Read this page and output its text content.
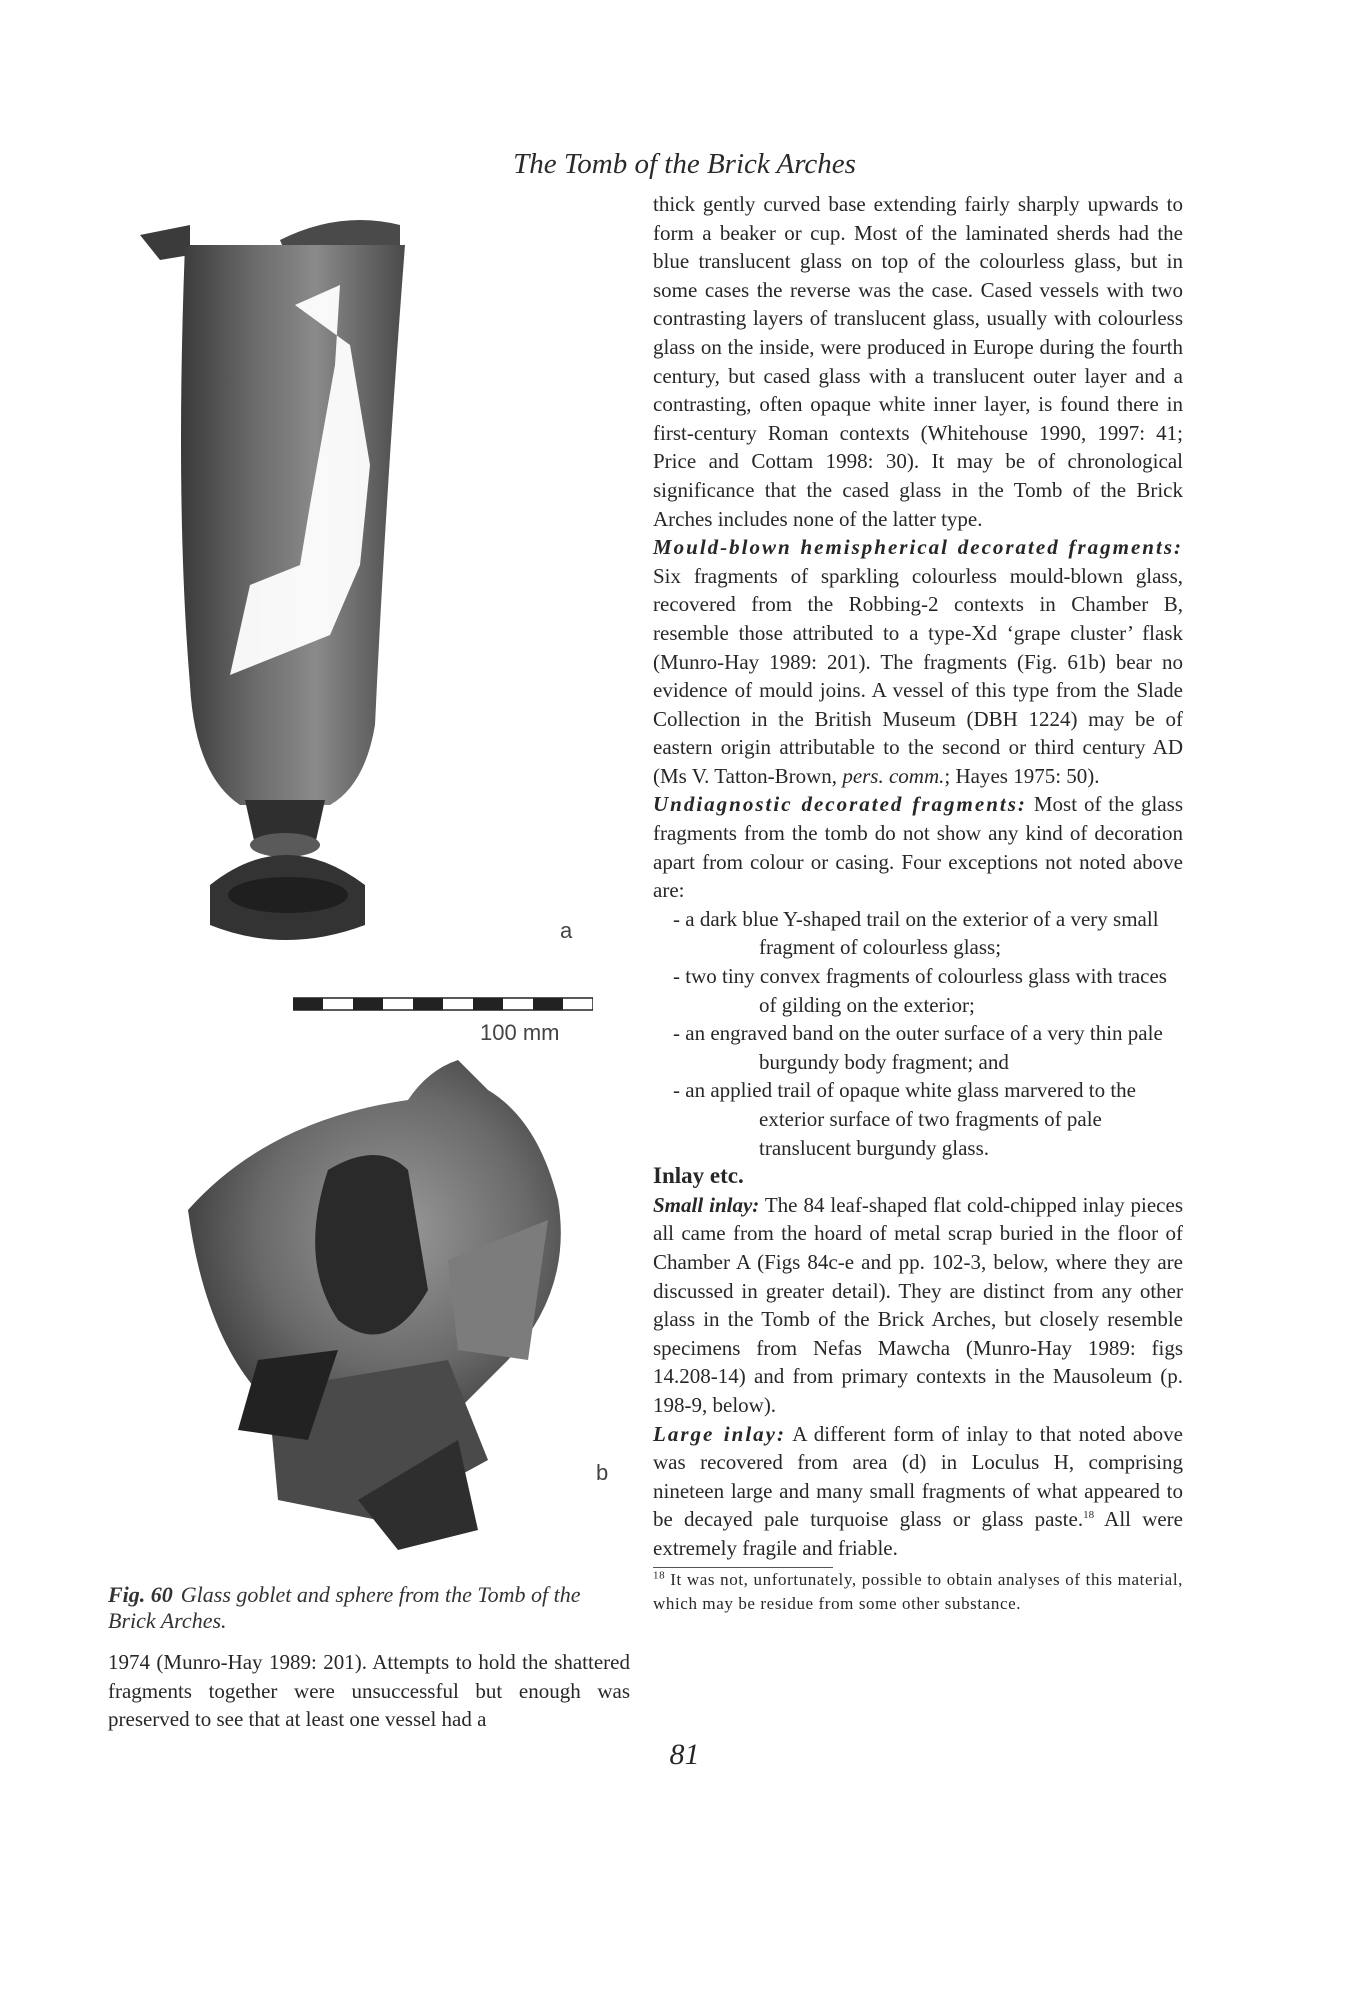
The Tomb of the Brick Arches
a
100 mm
b
Fig. 60 Glass goblet and sphere from the Tomb of the Brick Arches.

1974 (Munro-Hay 1989: 201). Attempts to hold the shattered fragments together were unsuccessful but enough was preserved to see that at least one vessel had a

thick gently curved base extending fairly sharply upwards to form a beaker or cup. Most of the laminated sherds had the blue translucent glass on top of the colourless glass, but in some cases the reverse was the case. Cased vessels with two contrasting layers of translucent glass, usually with colourless glass on the inside, were produced in Europe during the fourth century, but cased glass with a translucent outer layer and a contrasting, often opaque white inner layer, is found there in first-century Roman contexts (Whitehouse 1990, 1997: 41; Price and Cottam 1998: 30). It may be of chronological significance that the cased glass in the Tomb of the Brick Arches includes none of the latter type.

Mould-blown hemispherical decorated fragments: Six fragments of sparkling colourless mould-blown glass, recovered from the Robbing-2 contexts in Chamber B, resemble those attributed to a type-Xd ‘grape cluster’ flask (Munro-Hay 1989: 201). The fragments (Fig. 61b) bear no evidence of mould joins. A vessel of this type from the Slade Collection in the British Museum (DBH 1224) may be of eastern origin attributable to the second or third century AD (Ms V. Tatton-Brown, pers. comm.; Hayes 1975: 50).

Undiagnostic decorated fragments: Most of the glass fragments from the tomb do not show any kind of decoration apart from colour or casing. Four exceptions not noted above are:

- a dark blue Y-shaped trail on the exterior of a very small fragment of colourless glass;
- two tiny convex fragments of colourless glass with traces of gilding on the exterior;
- an engraved band on the outer surface of a very thin pale burgundy body fragment; and
- an applied trail of opaque white glass marvered to the exterior surface of two fragments of pale translucent burgundy glass.

Inlay etc.

Small inlay: The 84 leaf-shaped flat cold-chipped inlay pieces all came from the hoard of metal scrap buried in the floor of Chamber A (Figs 84c-e and pp. 102-3, below, where they are discussed in greater detail). They are distinct from any other glass in the Tomb of the Brick Arches, but closely resemble specimens from Nefas Mawcha (Munro-Hay 1989: figs 14.208-14) and from primary contexts in the Mausoleum (p. 198-9, below).

Large inlay: A different form of inlay to that noted above was recovered from area (d) in Loculus H, comprising nineteen large and many small fragments of what appeared to be decayed pale turquoise glass or glass paste.$^{18}$ All were extremely fragile and friable.

$^{18}$ It was not, unfortunately, possible to obtain analyses of this material, which may be residue from some other substance.

81
